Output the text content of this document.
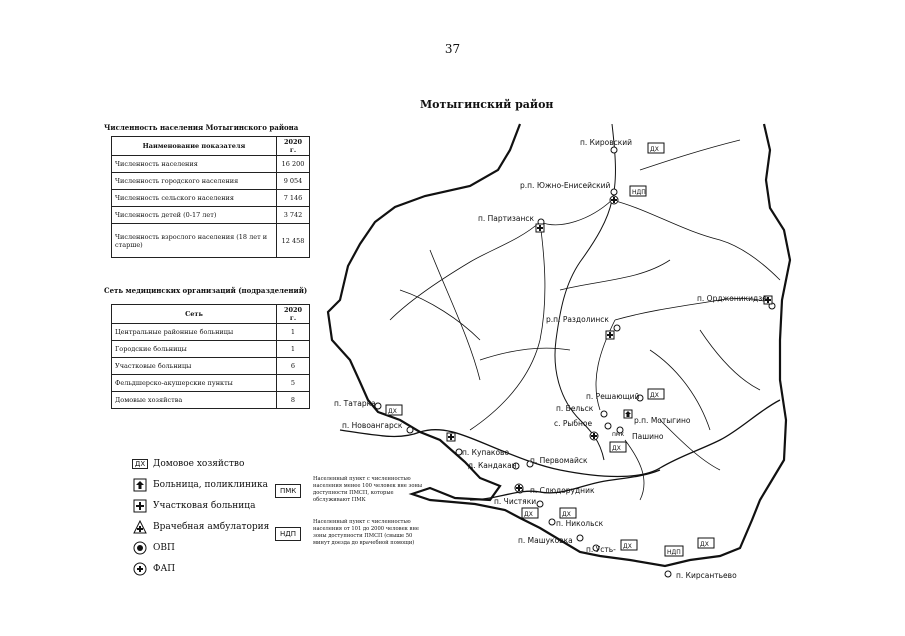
37
Мотыгинский район
Численность населения Мотыгинского района
Наименование показателя	2020 г.
Численность населения	16 200
Численность городского населения	9 054
Численность сельского населения	7 146
Численность детей (0-17 лет)	3 742
Численность взрослого населения (18 лет и старше)	12 458
Сеть медицинских организаций (подразделений)
Сеть	2020 г.
Центральные районные больницы	1
Городские больницы	1
Участковые больницы	6
Фельдшерско-акушерские пункты	5
Домовые хозяйства	8
ДХ Домовое хозяйство
Больница, поликлиника
Участковая больница
Врачебная амбулатория
ОВП
ФАП
ПМК
Населенный пункт с численностью населения менее 100 человек вне зоны доступности ПМСП, которые обслуживают ПМК
НДП
Населенный пункт с численностью населения от 101 до 2000 человек вне зоны доступности ПМСП (свыше 50 минут доезда до врачебной помощи)
ДХ
НДП
ДХ
ДХ
ДХ
ДХ	ДХ
ДХ
НДП
ДХ
п. Кировский
р.п. Южно-Енисейский
п. Партизанск
р.п. Раздолинск
п. Орджоникидзе
п. Решающий
п. Бельск
р.п. Мотыгино
с. Рыбное
пмк Пашино
п. Татарка
п. Новоангарск
п. Купаково
д. Кандакан
п. Первомайск
п. Чистяки
п. Слюдорудник
п. Никольск
п. Машуковка
п. Усть-
п. Кирсантьево
